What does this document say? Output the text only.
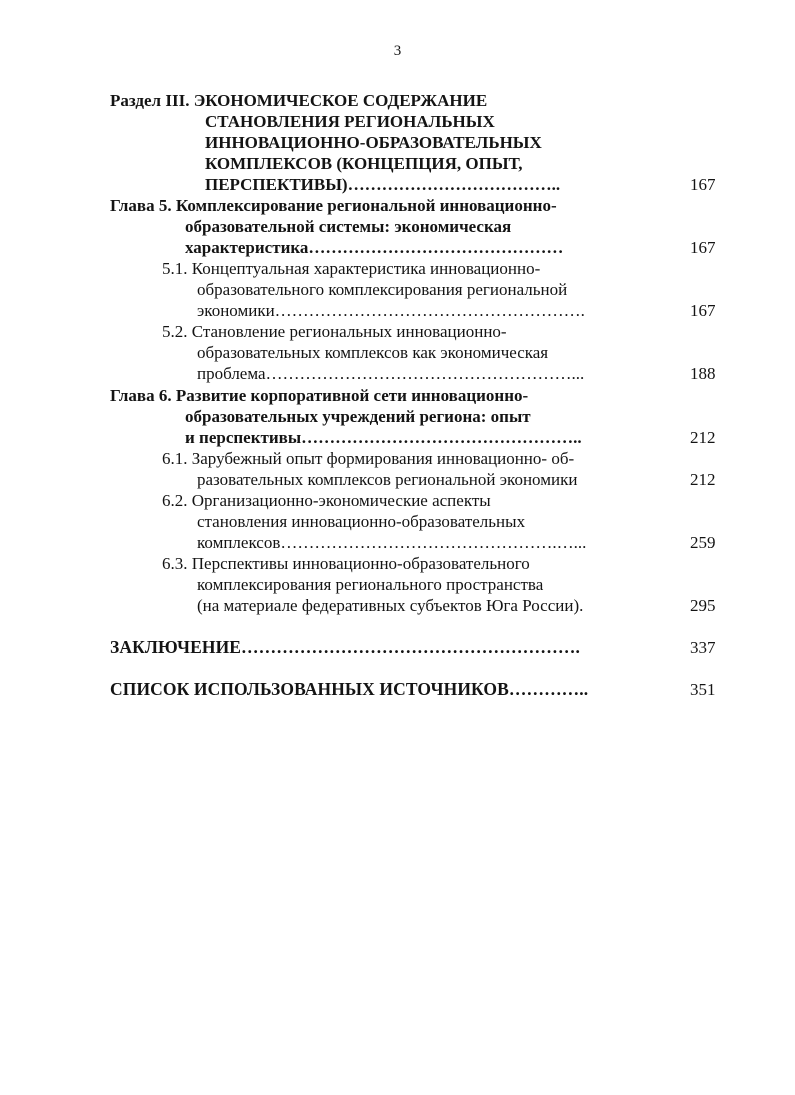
3
Раздел III. ЭКОНОМИЧЕСКОЕ СОДЕРЖАНИЕ
СТАНОВЛЕНИЯ РЕГИОНАЛЬНЫХ
ИННОВАЦИОННО-ОБРАЗОВАТЕЛЬНЫХ
КОМПЛЕКСОВ (КОНЦЕПЦИЯ, ОПЫТ,
ПЕРСПЕКТИВЫ)………………………………..	167
Глава 5. Комплексирование региональной инновационно-
образовательной системы: экономическая
характеристика………………………………………	167
5.1. Концептуальная характеристика инновационно-
образовательного комплексирования региональной
экономики……………………………………………….	167
5.2. Становление региональных инновационно-
образовательных комплексов как экономическая
проблема………………………………………………...	188
Глава 6. Развитие корпоративной сети инновационно-
образовательных учреждений региона: опыт
и перспективы…………………………………………..	212
6.1. Зарубежный опыт формирования инновационно- об-
разовательных комплексов региональной экономики	212
6.2. Организационно-экономические аспекты
становления инновационно-образовательных
комплексов………………………………………….…...	259
6.3. Перспективы инновационно-образовательного
комплексирования регионального пространства
(на материале федеративных субъектов Юга России).	295
ЗАКЛЮЧЕНИЕ………………………………………………….	337
СПИСОК ИСПОЛЬЗОВАННЫХ ИСТОЧНИКОВ…………..	351
